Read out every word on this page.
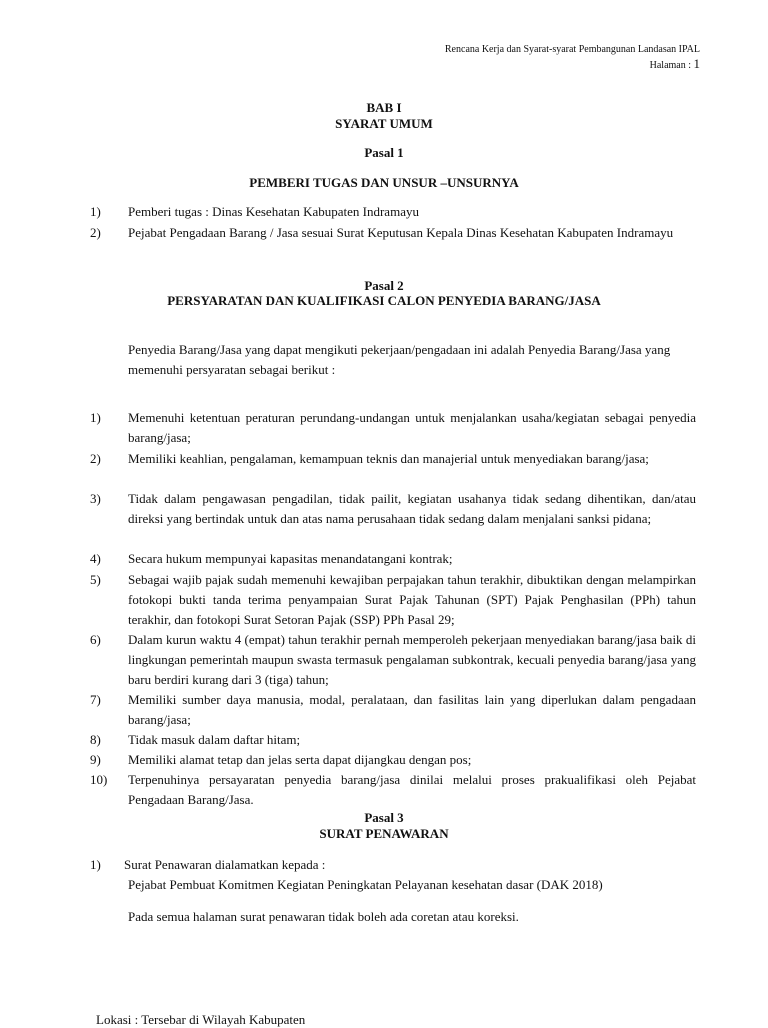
Rencana Kerja dan Syarat-syarat Pembangunan Landasan IPAL
Halaman : 1
BAB I
SYARAT UMUM
Pasal 1
PEMBERI TUGAS DAN UNSUR –UNSURNYA
1) Pemberi tugas : Dinas Kesehatan Kabupaten Indramayu
2) Pejabat Pengadaan Barang / Jasa sesuai Surat Keputusan Kepala Dinas Kesehatan Kabupaten Indramayu
Pasal 2
PERSYARATAN DAN KUALIFIKASI CALON PENYEDIA BARANG/JASA
Penyedia Barang/Jasa yang dapat mengikuti pekerjaan/pengadaan ini adalah Penyedia Barang/Jasa yang memenuhi persyaratan sebagai berikut :
1) Memenuhi ketentuan peraturan perundang-undangan untuk menjalankan usaha/kegiatan sebagai penyedia barang/jasa;
2) Memiliki keahlian, pengalaman, kemampuan teknis dan manajerial untuk menyediakan barang/jasa;
3) Tidak dalam pengawasan pengadilan, tidak pailit, kegiatan usahanya tidak sedang dihentikan, dan/atau direksi yang bertindak untuk dan atas nama perusahaan tidak sedang dalam menjalani sanksi pidana;
4) Secara hukum mempunyai kapasitas menandatangani kontrak;
5) Sebagai wajib pajak sudah memenuhi kewajiban perpajakan tahun terakhir, dibuktikan dengan melampirkan fotokopi bukti tanda terima penyampaian Surat Pajak Tahunan (SPT) Pajak Penghasilan (PPh) tahun terakhir, dan fotokopi Surat Setoran Pajak (SSP) PPh Pasal 29;
6) Dalam kurun waktu 4 (empat) tahun terakhir pernah memperoleh pekerjaan menyediakan barang/jasa baik di lingkungan pemerintah maupun swasta termasuk pengalaman subkontrak, kecuali penyedia barang/jasa yang baru berdiri kurang dari 3 (tiga) tahun;
7) Memiliki sumber daya manusia, modal, peralataan, dan fasilitas lain yang diperlukan dalam pengadaan barang/jasa;
8) Tidak masuk dalam daftar hitam;
9) Memiliki alamat tetap dan jelas serta dapat dijangkau dengan pos;
10) Terpenuhinya persayaratan penyedia barang/jasa dinilai melalui proses prakualifikasi oleh Pejabat Pengadaan Barang/Jasa.
Pasal 3
SURAT PENAWARAN
1) Surat Penawaran dialamatkan kepada :
Pejabat Pembuat Komitmen Kegiatan Peningkatan Pelayanan kesehatan dasar (DAK 2018)
Pada semua halaman surat penawaran tidak boleh ada coretan atau koreksi.
Lokasi : Tersebar di Wilayah Kabupaten
